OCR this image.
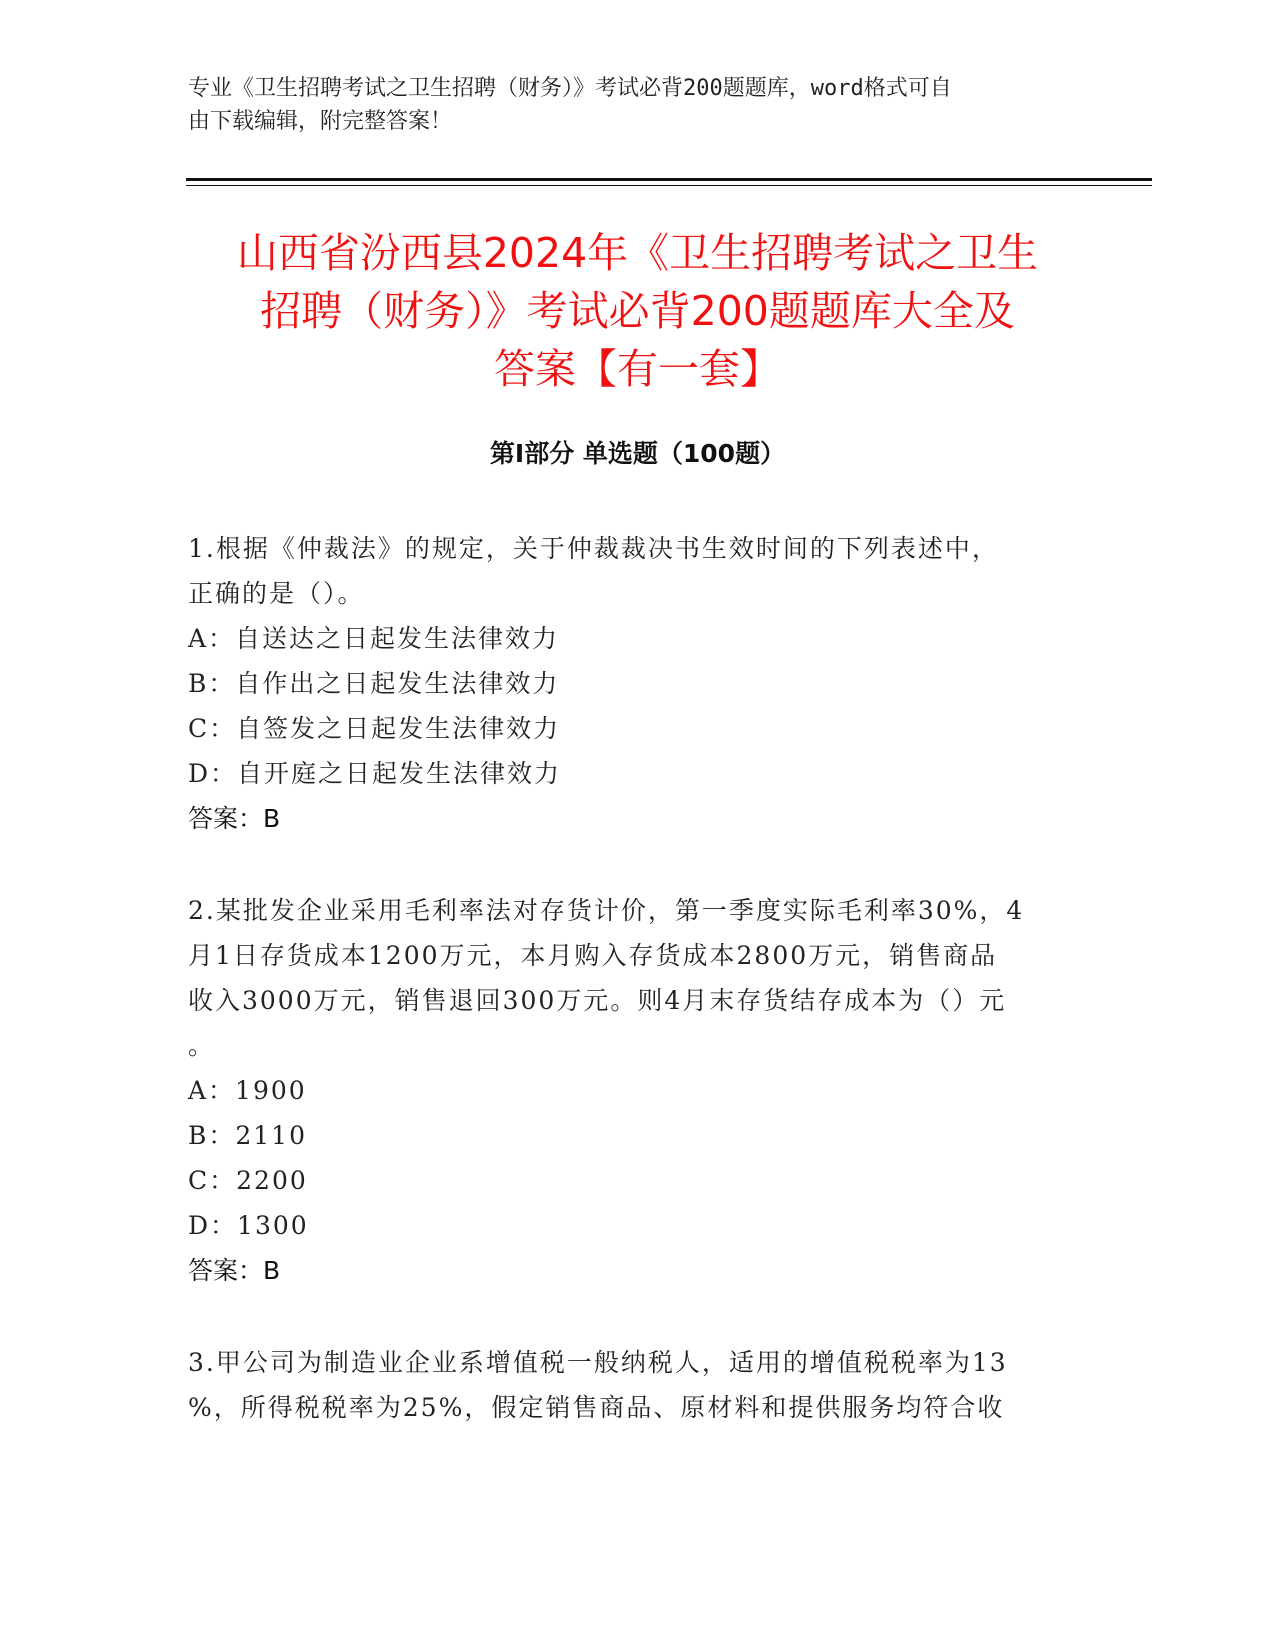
专业《卫生招聘考试之卫生招聘（财务）》考试必背200题题库，word格式可自
由下载编辑，附完整答案！
山西省汾西县2024年《卫生招聘考试之卫生
招聘（财务）》考试必背200题题库大全及
答案【有一套】
第Ⅰ部分 单选题（100题）
1.根据《仲裁法》的规定，关于仲裁裁决书生效时间的下列表述中，
正确的是（）。
A：自送达之日起发生法律效力
B：自作出之日起发生法律效力
C：自签发之日起发生法律效力
D：自开庭之日起发生法律效力
答案：B
2.某批发企业采用毛利率法对存货计价，第一季度实际毛利率30%，4
月1日存货成本1200万元，本月购入存货成本2800万元，销售商品
收入3000万元，销售退回300万元。则4月末存货结存成本为（）元
。
A：1900
B：2110
C：2200
D：1300
答案：B
3.甲公司为制造业企业系增值税一般纳税人，适用的增值税税率为13
%，所得税税率为25%，假定销售商品、原材料和提供服务均符合收
